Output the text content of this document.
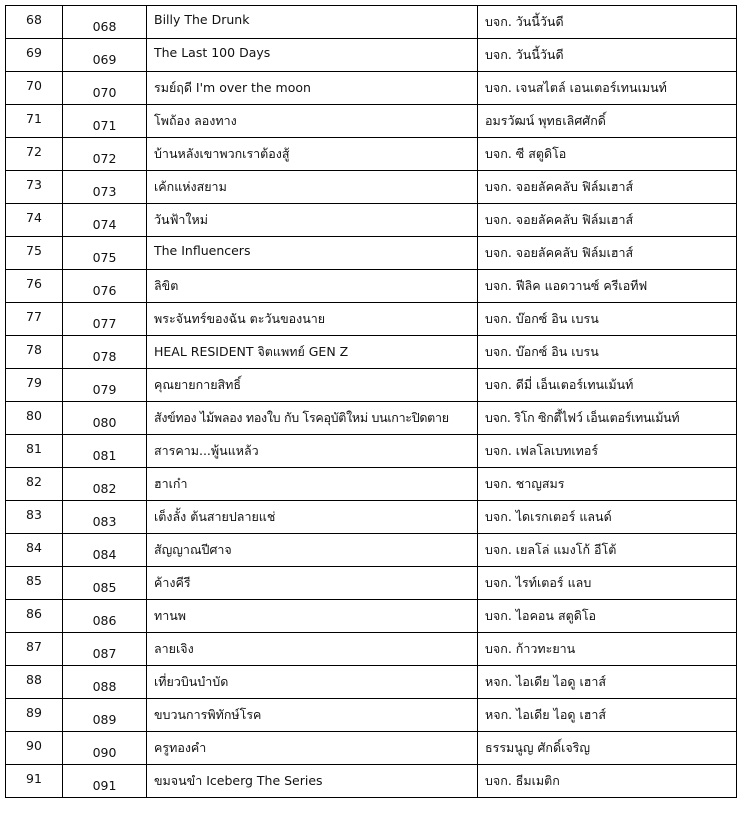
68	068	Billy The Drunk	บจก. วันนี้วันดี
69	069	The Last 100 Days	บจก. วันนี้วันดี
70	070	รมย์ฤดี I'm over the moon	บจก. เจนสไตล์ เอนเตอร์เทนเมนท์
71	071	โพถ้อง ลองทาง	อมรวัฒน์ พุทธเลิศศักดิ์
72	072	บ้านหลังเขาพวกเราต้องสู้	บจก. ซี สตูดิโอ
73	073	เค้กแห่งสยาม	บจก. จอยลัคคลับ ฟิล์มเฮาส์
74	074	วันฟ้าใหม่	บจก. จอยลัคคลับ ฟิล์มเฮาส์
75	075	The Influencers	บจก. จอยลัคคลับ ฟิล์มเฮาส์
76	076	ลิขิต	บจก. ฟีลิค แอดวานซ์ ครีเอทีฟ
77	077	พระจันทร์ของฉัน ตะวันของนาย	บจก. บ๊อกซ์ อิน เบรน
78	078	HEAL RESIDENT จิตแพทย์ GEN Z	บจก. บ๊อกซ์ อิน เบรน
79	079	คุณยายกายสิทธิ์	บจก. ดีมี่ เอ็นเตอร์เทนเม้นท์
80	080	สังข์ทอง ไม้พลอง ทองใบ กับ โรคอุบัติใหม่ บนเกาะปิดตาย	บจก. ริโก ซิกตี้ไฟว์ เอ็นเตอร์เทนเม้นท์
81	081	สารคาม...พู้นแหล้ว	บจก. เฟลโลเบทเทอร์
82	082	ฮาเก๋า	บจก. ชาญสมร
83	083	เต็งลั้ง ต้นสายปลายแช่	บจก. ไดเรกเตอร์ แลนด์
84	084	สัญญาณปีศาจ	บจก. เยลโล่ แมงโก้ อีโต้
85	085	ค้างคีรี	บจก. ไรท์เตอร์ แลบ
86	086	ทานพ	บจก. ไอคอน สตูดิโอ
87	087	ลายเจิง	บจก. ก้าวทะยาน
88	088	เที่ยวบินบำบัด	หจก. ไอเดีย ไอดู เฮาส์
89	089	ขบวนการพิทักษ์โรค	หจก. ไอเดีย ไอดู เฮาส์
90	090	ครูทองคำ	ธรรมนูญ ศักดิ์เจริญ
91	091	ขมจนขำ Iceberg The Series	บจก. ธีมเมติก
